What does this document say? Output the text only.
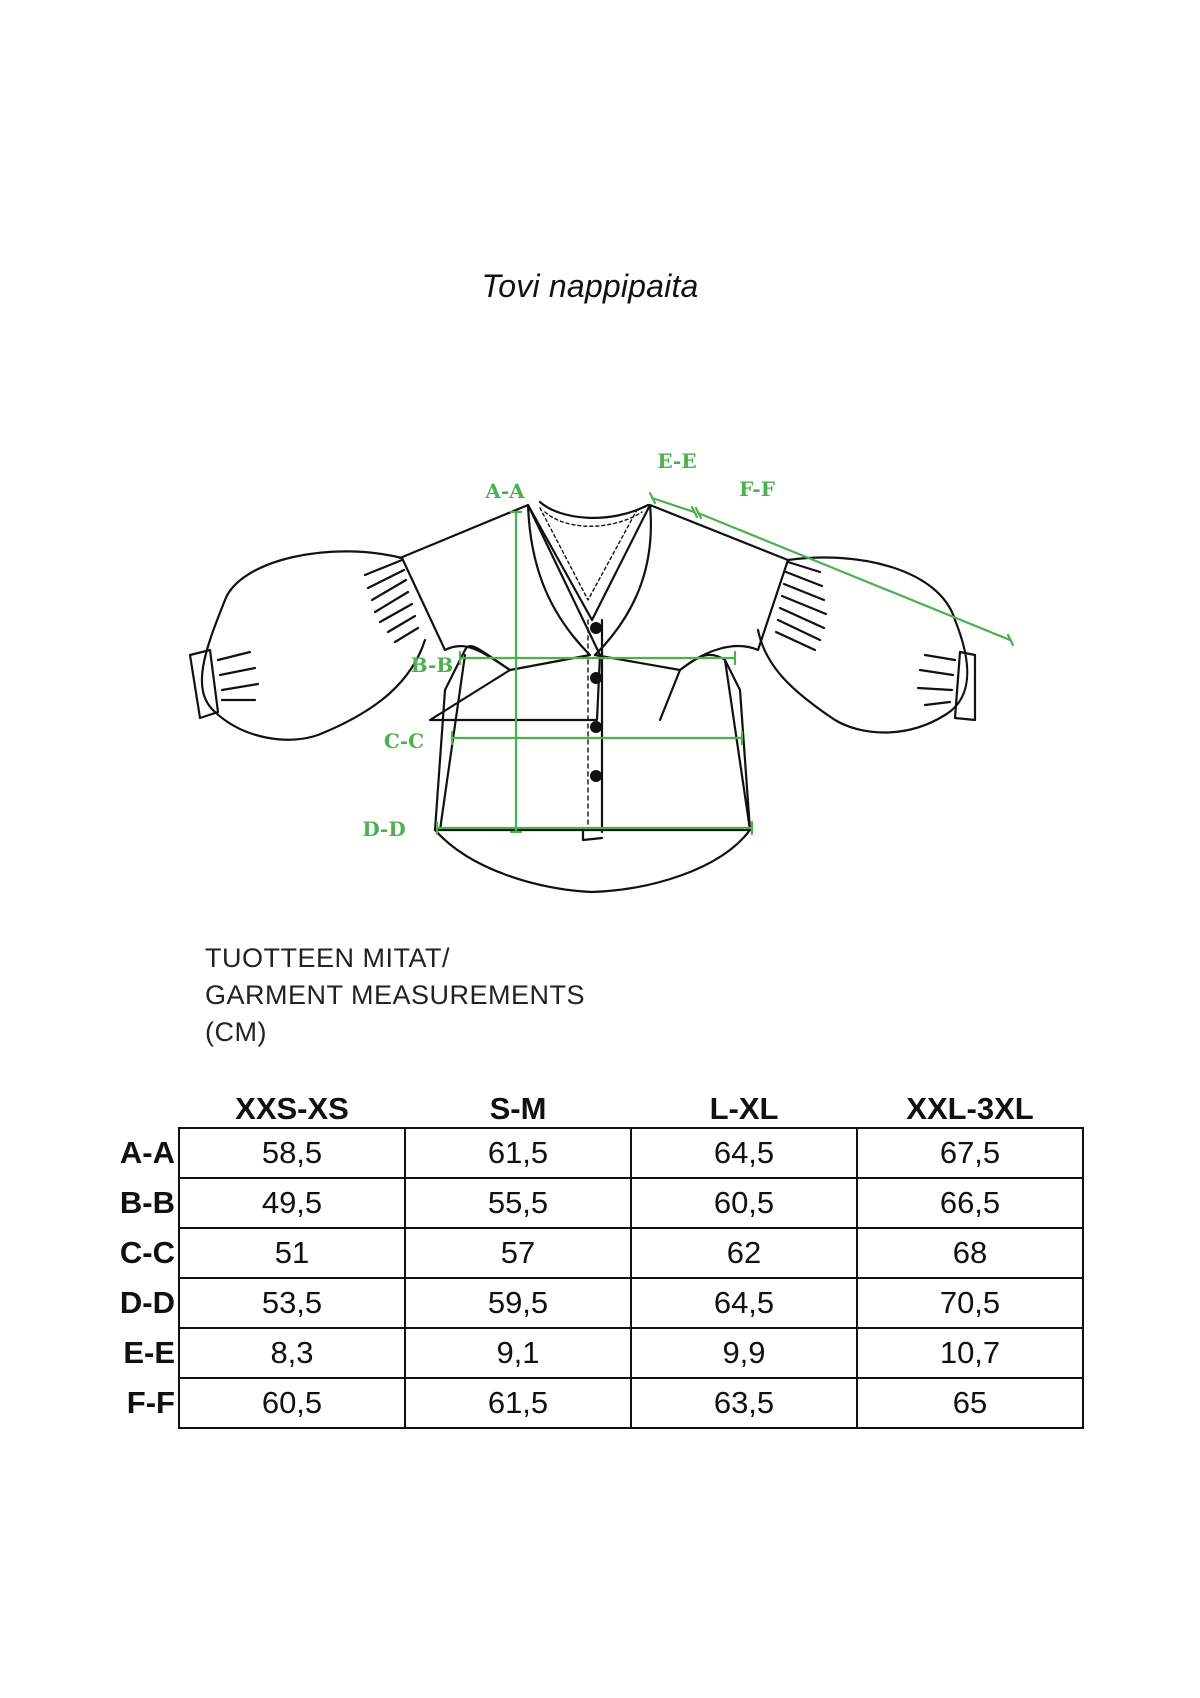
Tovi nappipaita
A-A
B-B
C-C
D-D
E-E
F-F
TUOTTEEN MITAT/
GARMENT MEASUREMENTS
(CM)
	XXS-XS	S-M	L-XL	XXL-3XL
A-A	58,5	61,5	64,5	67,5
B-B	49,5	55,5	60,5	66,5
C-C	51	57	62	68
D-D	53,5	59,5	64,5	70,5
E-E	8,3	9,1	9,9	10,7
F-F	60,5	61,5	63,5	65
